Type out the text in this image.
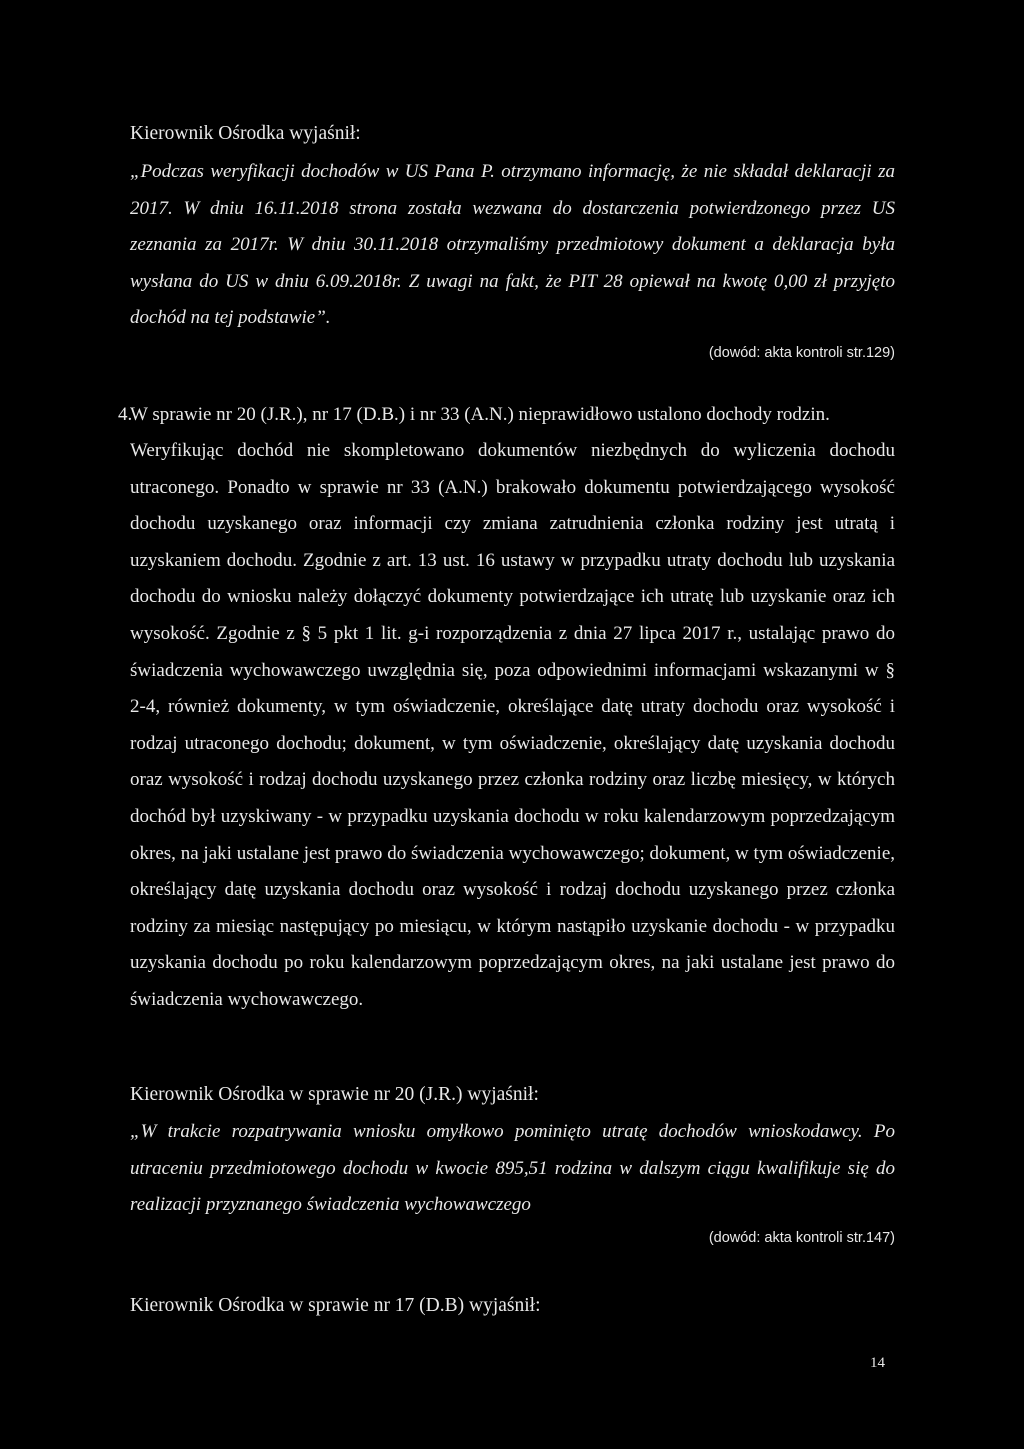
Kierownik Ośrodka wyjaśnił:

„Podczas weryfikacji dochodów w US Pana P. otrzymano informację, że nie składał deklaracji za 2017. W dniu 16.11.2018 strona została wezwana do dostarczenia potwierdzonego przez US zeznania za 2017r. W dniu 30.11.2018 otrzymaliśmy przedmiotowy dokument a deklaracja była wysłana do US w dniu 6.09.2018r. Z uwagi na fakt, że PIT 28 opiewał na kwotę 0,00 zł przyjęto dochód na tej podstawie”.

(dowód: akta kontroli str.129)

4.

W sprawie nr 20 (J.R.), nr 17 (D.B.) i nr 33 (A.N.) nieprawidłowo ustalono dochody rodzin.

Weryfikując dochód nie skompletowano dokumentów niezbędnych do wyliczenia dochodu utraconego. Ponadto w sprawie nr 33 (A.N.) brakowało dokumentu potwierdzającego wysokość dochodu uzyskanego oraz informacji czy zmiana zatrudnienia członka rodziny jest utratą i uzyskaniem dochodu. Zgodnie z art. 13 ust. 16 ustawy w przypadku utraty dochodu lub uzyskania dochodu do wniosku należy dołączyć dokumenty potwierdzające ich utratę lub uzyskanie oraz ich wysokość. Zgodnie z § 5 pkt 1 lit. g-i rozporządzenia z dnia 27 lipca 2017 r., ustalając prawo do świadczenia wychowawczego uwzględnia się, poza odpowiednimi informacjami wskazanymi w § 2-4, również dokumenty, w tym oświadczenie, określające datę utraty dochodu oraz wysokość i rodzaj utraconego dochodu; dokument, w tym oświadczenie, określający datę uzyskania dochodu oraz wysokość i rodzaj dochodu uzyskanego przez członka rodziny oraz liczbę miesięcy, w których dochód był uzyskiwany - w przypadku uzyskania dochodu w roku kalendarzowym poprzedzającym okres, na jaki ustalane jest prawo do świadczenia wychowawczego; dokument, w tym oświadczenie, określający datę uzyskania dochodu oraz wysokość i rodzaj dochodu uzyskanego przez członka rodziny za miesiąc następujący po miesiącu, w którym nastąpiło uzyskanie dochodu - w przypadku uzyskania dochodu po roku kalendarzowym poprzedzającym okres, na jaki ustalane jest prawo do świadczenia wychowawczego.

Kierownik Ośrodka w sprawie nr 20 (J.R.) wyjaśnił:

„W trakcie rozpatrywania wniosku omyłkowo pominięto utratę dochodów wnioskodawcy. Po utraceniu przedmiotowego dochodu w kwocie 895,51 rodzina w dalszym ciągu kwalifikuje się do realizacji przyznanego świadczenia wychowawczego

(dowód: akta kontroli str.147)

Kierownik Ośrodka w sprawie nr 17 (D.B) wyjaśnił:

14
